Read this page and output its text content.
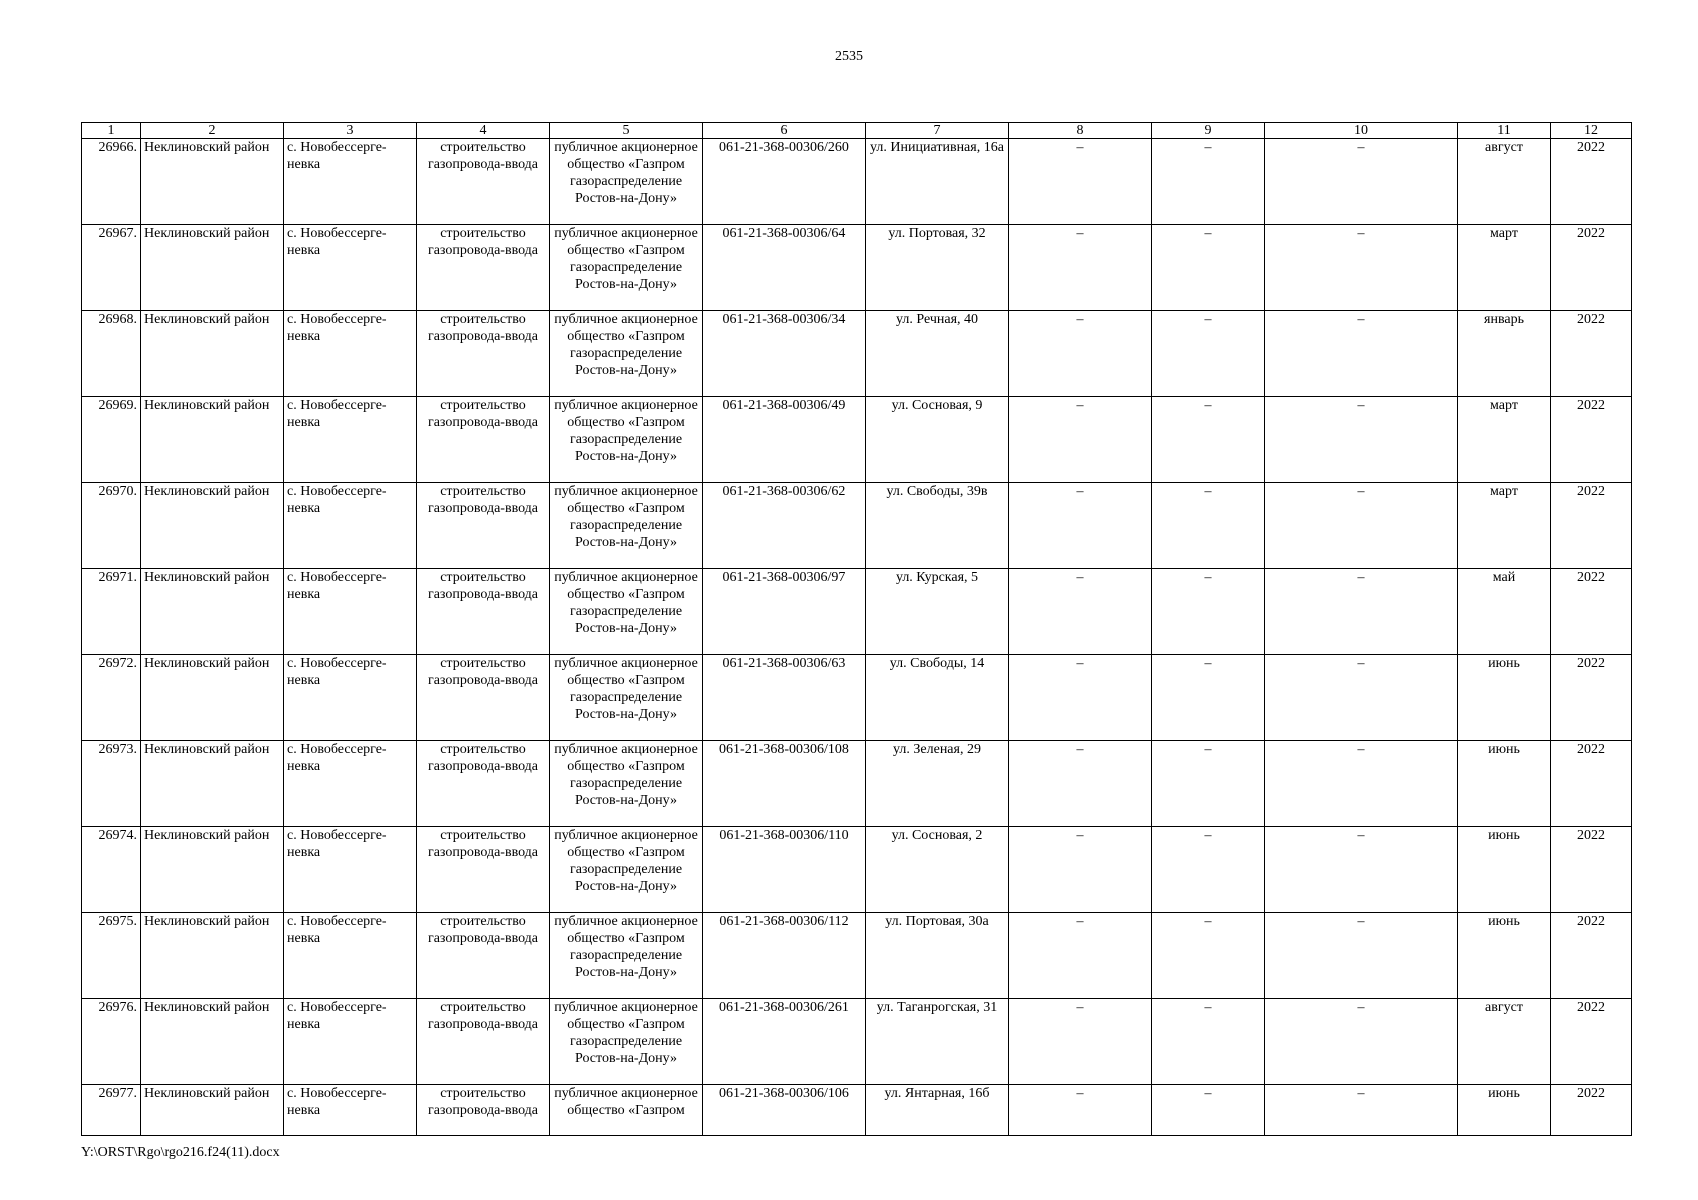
2535
1	2	3	4	5	6	7	8	9	10	11	12
26966.	Неклиновский район	с. Новобессерге-невка	строительство газопровода-ввода	публичное акционерное общество «Газпром газораспределение Ростов-на-Дону»	061-21-368-00306/260	ул. Инициативная, 16а	–	–	–	август	2022
26967.	Неклиновский район	с. Новобессерге-невка	строительство газопровода-ввода	публичное акционерное общество «Газпром газораспределение Ростов-на-Дону»	061-21-368-00306/64	ул. Портовая, 32	–	–	–	март	2022
26968.	Неклиновский район	с. Новобессерге-невка	строительство газопровода-ввода	публичное акционерное общество «Газпром газораспределение Ростов-на-Дону»	061-21-368-00306/34	ул. Речная, 40	–	–	–	январь	2022
26969.	Неклиновский район	с. Новобессерге-невка	строительство газопровода-ввода	публичное акционерное общество «Газпром газораспределение Ростов-на-Дону»	061-21-368-00306/49	ул. Сосновая, 9	–	–	–	март	2022
26970.	Неклиновский район	с. Новобессерге-невка	строительство газопровода-ввода	публичное акционерное общество «Газпром газораспределение Ростов-на-Дону»	061-21-368-00306/62	ул. Свободы, 39в	–	–	–	март	2022
26971.	Неклиновский район	с. Новобессерге-невка	строительство газопровода-ввода	публичное акционерное общество «Газпром газораспределение Ростов-на-Дону»	061-21-368-00306/97	ул. Курская, 5	–	–	–	май	2022
26972.	Неклиновский район	с. Новобессерге-невка	строительство газопровода-ввода	публичное акционерное общество «Газпром газораспределение Ростов-на-Дону»	061-21-368-00306/63	ул. Свободы, 14	–	–	–	июнь	2022
26973.	Неклиновский район	с. Новобессерге-невка	строительство газопровода-ввода	публичное акционерное общество «Газпром газораспределение Ростов-на-Дону»	061-21-368-00306/108	ул. Зеленая, 29	–	–	–	июнь	2022
26974.	Неклиновский район	с. Новобессерге-невка	строительство газопровода-ввода	публичное акционерное общество «Газпром газораспределение Ростов-на-Дону»	061-21-368-00306/110	ул. Сосновая, 2	–	–	–	июнь	2022
26975.	Неклиновский район	с. Новобессерге-невка	строительство газопровода-ввода	публичное акционерное общество «Газпром газораспределение Ростов-на-Дону»	061-21-368-00306/112	ул. Портовая, 30а	–	–	–	июнь	2022
26976.	Неклиновский район	с. Новобессерге-невка	строительство газопровода-ввода	публичное акционерное общество «Газпром газораспределение Ростов-на-Дону»	061-21-368-00306/261	ул. Таганрогская, 31	–	–	–	август	2022
26977.	Неклиновский район	с. Новобессерге-невка	строительство газопровода-ввода	публичное акционерное общество «Газпром	061-21-368-00306/106	ул. Янтарная, 16б	–	–	–	июнь	2022
Y:\ORST\Rgo\rgo216.f24(11).docx
